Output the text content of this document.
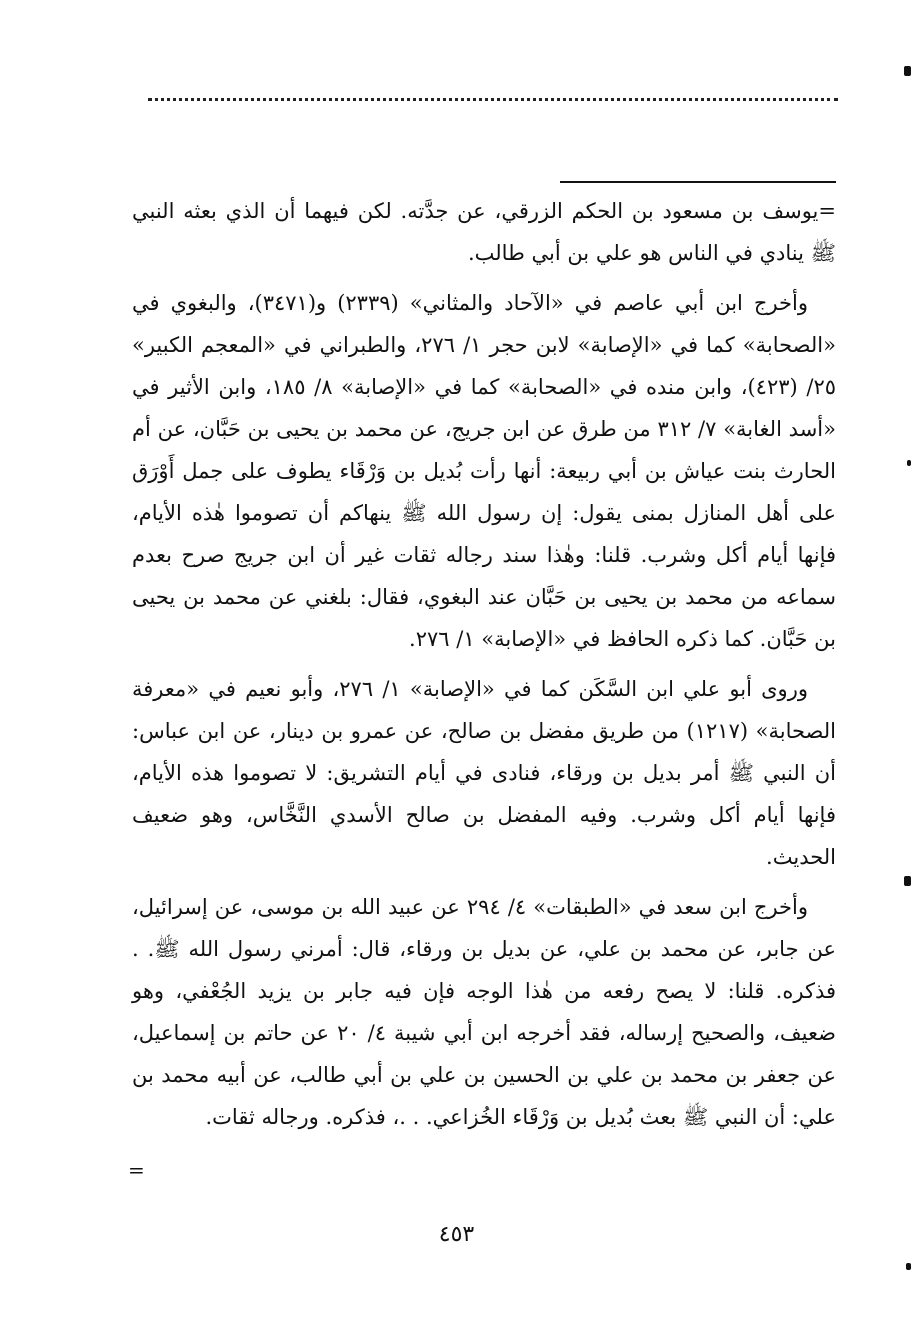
=يوسف بن مسعود بن الحكم الزرقي، عن جدَّته. لكن فيهما أن الذي بعثه النبي ﷺ ينادي في الناس هو علي بن أبي طالب.

وأخرج ابن أبي عاصم في «الآحاد والمثاني» (٢٣٣٩) و(٣٤٧١)، والبغوي في «الصحابة» كما في «الإصابة» لابن حجر ١/ ٢٧٦، والطبراني في «المعجم الكبير» ٢٥/ (٤٢٣)، وابن منده في «الصحابة» كما في «الإصابة» ٨/ ١٨٥، وابن الأثير في «أسد الغابة» ٧/ ٣١٢ من طرق عن ابن جريج، عن محمد بن يحيى بن حَبَّان، عن أم الحارث بنت عياش بن أبي ربيعة: أنها رأت بُديل بن وَرْقَاء يطوف على جمل أَوْرَق على أهل المنازل بمنى يقول: إن رسول الله ﷺ ينهاكم أن تصوموا هٰذه الأيام، فإنها أيام أكل وشرب. قلنا: وهٰذا سند رجاله ثقات غير أن ابن جريج صرح بعدم سماعه من محمد بن يحيى بن حَبَّان عند البغوي، فقال: بلغني عن محمد بن يحيى بن حَبَّان. كما ذكره الحافظ في «الإصابة» ١/ ٢٧٦.

وروى أبو علي ابن السَّكَن كما في «الإصابة» ١/ ٢٧٦، وأبو نعيم في «معرفة الصحابة» (١٢١٧) من طريق مفضل بن صالح، عن عمرو بن دينار، عن ابن عباس: أن النبي ﷺ أمر بديل بن ورقاء، فنادى في أيام التشريق: لا تصوموا هذه الأيام، فإنها أيام أكل وشرب. وفيه المفضل بن صالح الأسدي النَّخَّاس، وهو ضعيف الحديث.

وأخرج ابن سعد في «الطبقات» ٤/ ٢٩٤ عن عبيد الله بن موسى، عن إسرائيل، عن جابر، عن محمد بن علي، عن بديل بن ورقاء، قال: أمرني رسول الله ﷺ. . فذكره. قلنا: لا يصح رفعه من هٰذا الوجه فإن فيه جابر بن يزيد الجُعْفي، وهو ضعيف، والصحيح إرساله، فقد أخرجه ابن أبي شيبة ٤/ ٢٠ عن حاتم بن إسماعيل، عن جعفر بن محمد بن علي بن الحسين بن علي بن أبي طالب، عن أبيه محمد بن علي: أن النبي ﷺ بعث بُديل بن وَرْقَاء الخُزاعي. . .، فذكره. ورجاله ثقات.

=
٤٥٣
